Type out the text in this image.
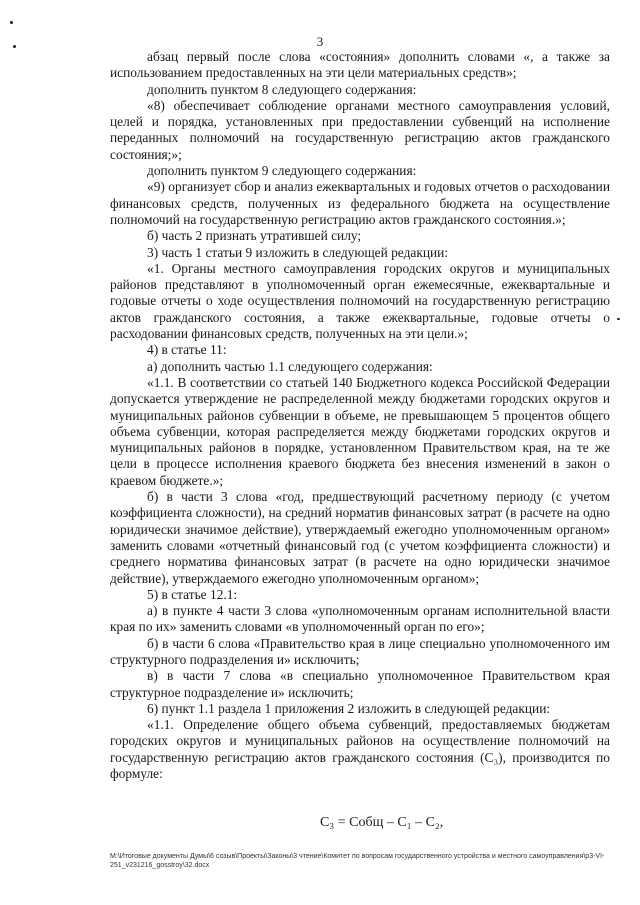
3

абзац первый после слова «состояния» дополнить словами «, а также за использованием предоставленных на эти цели материальных средств»;

дополнить пунктом 8 следующего содержания:

«8) обеспечивает соблюдение органами местного самоуправления условий, целей и порядка, установленных при предоставлении субвенций на исполнение переданных полномочий на государственную регистрацию актов гражданского состояния;»;

дополнить пунктом 9 следующего содержания:

«9) организует сбор и анализ ежеквартальных и годовых отчетов о расходовании финансовых средств, полученных из федерального бюджета на осуществление полномочий на государственную регистрацию актов гражданского состояния.»;

б) часть 2 признать утратившей силу;

3) часть 1 статьи 9 изложить в следующей редакции:

«1. Органы местного самоуправления городских округов и муниципальных районов представляют в уполномоченный орган ежемесячные, ежеквартальные и годовые отчеты о ходе осуществления полномочий на государственную регистрацию актов гражданского состояния, а также ежеквартальные, годовые отчеты о расходовании финансовых средств, полученных на эти цели.»;

4) в статье 11:

а) дополнить частью 1.1 следующего содержания:

«1.1. В соответствии со статьей 140 Бюджетного кодекса Российской Федерации допускается утверждение не распределенной между бюджетами городских округов и муниципальных районов субвенции в объеме, не превышающем 5 процентов общего объема субвенции, которая распределяется между бюджетами городских округов и муниципальных районов в порядке, установленном Правительством края, на те же цели в процессе исполнения краевого бюджета без внесения изменений в закон о краевом бюджете.»;

б) в части 3 слова «год, предшествующий расчетному периоду (с учетом коэффициента сложности), на средний норматив финансовых затрат (в расчете на одно юридически значимое действие), утверждаемый ежегодно уполномоченным органом» заменить словами «отчетный финансовый год (с учетом коэффициента сложности) и среднего норматива финансовых затрат (в расчете на одно юридически значимое действие), утверждаемого ежегодно уполномоченным органом»;

5) в статье 12.1:

а) в пункте 4 части 3 слова «уполномоченным органам исполнительной власти края по их» заменить словами «в уполномоченный орган по его»;

б) в части 6 слова «Правительство края в лице специально уполномоченного им структурного подразделения и» исключить;

в) в части 7 слова «в специально уполномоченное Правительством края структурное подразделение и» исключить;

6) пункт 1.1 раздела 1 приложения 2 изложить в следующей редакции:

«1.1. Определение общего объема субвенций, предоставляемых бюджетам городских округов и муниципальных районов на осуществление полномочий на государственную регистрацию актов гражданского состояния (C₃), производится по формуле:

C₃ = Cобщ – C₁ – C₂,
M:\Итоговые документы Думы\6 созыв\Проекты\Законы\3 чтение\Комитет по вопросам государственного устройства и местного самоуправления\р3-VI-251_v231216_gosstroy\32.docx
